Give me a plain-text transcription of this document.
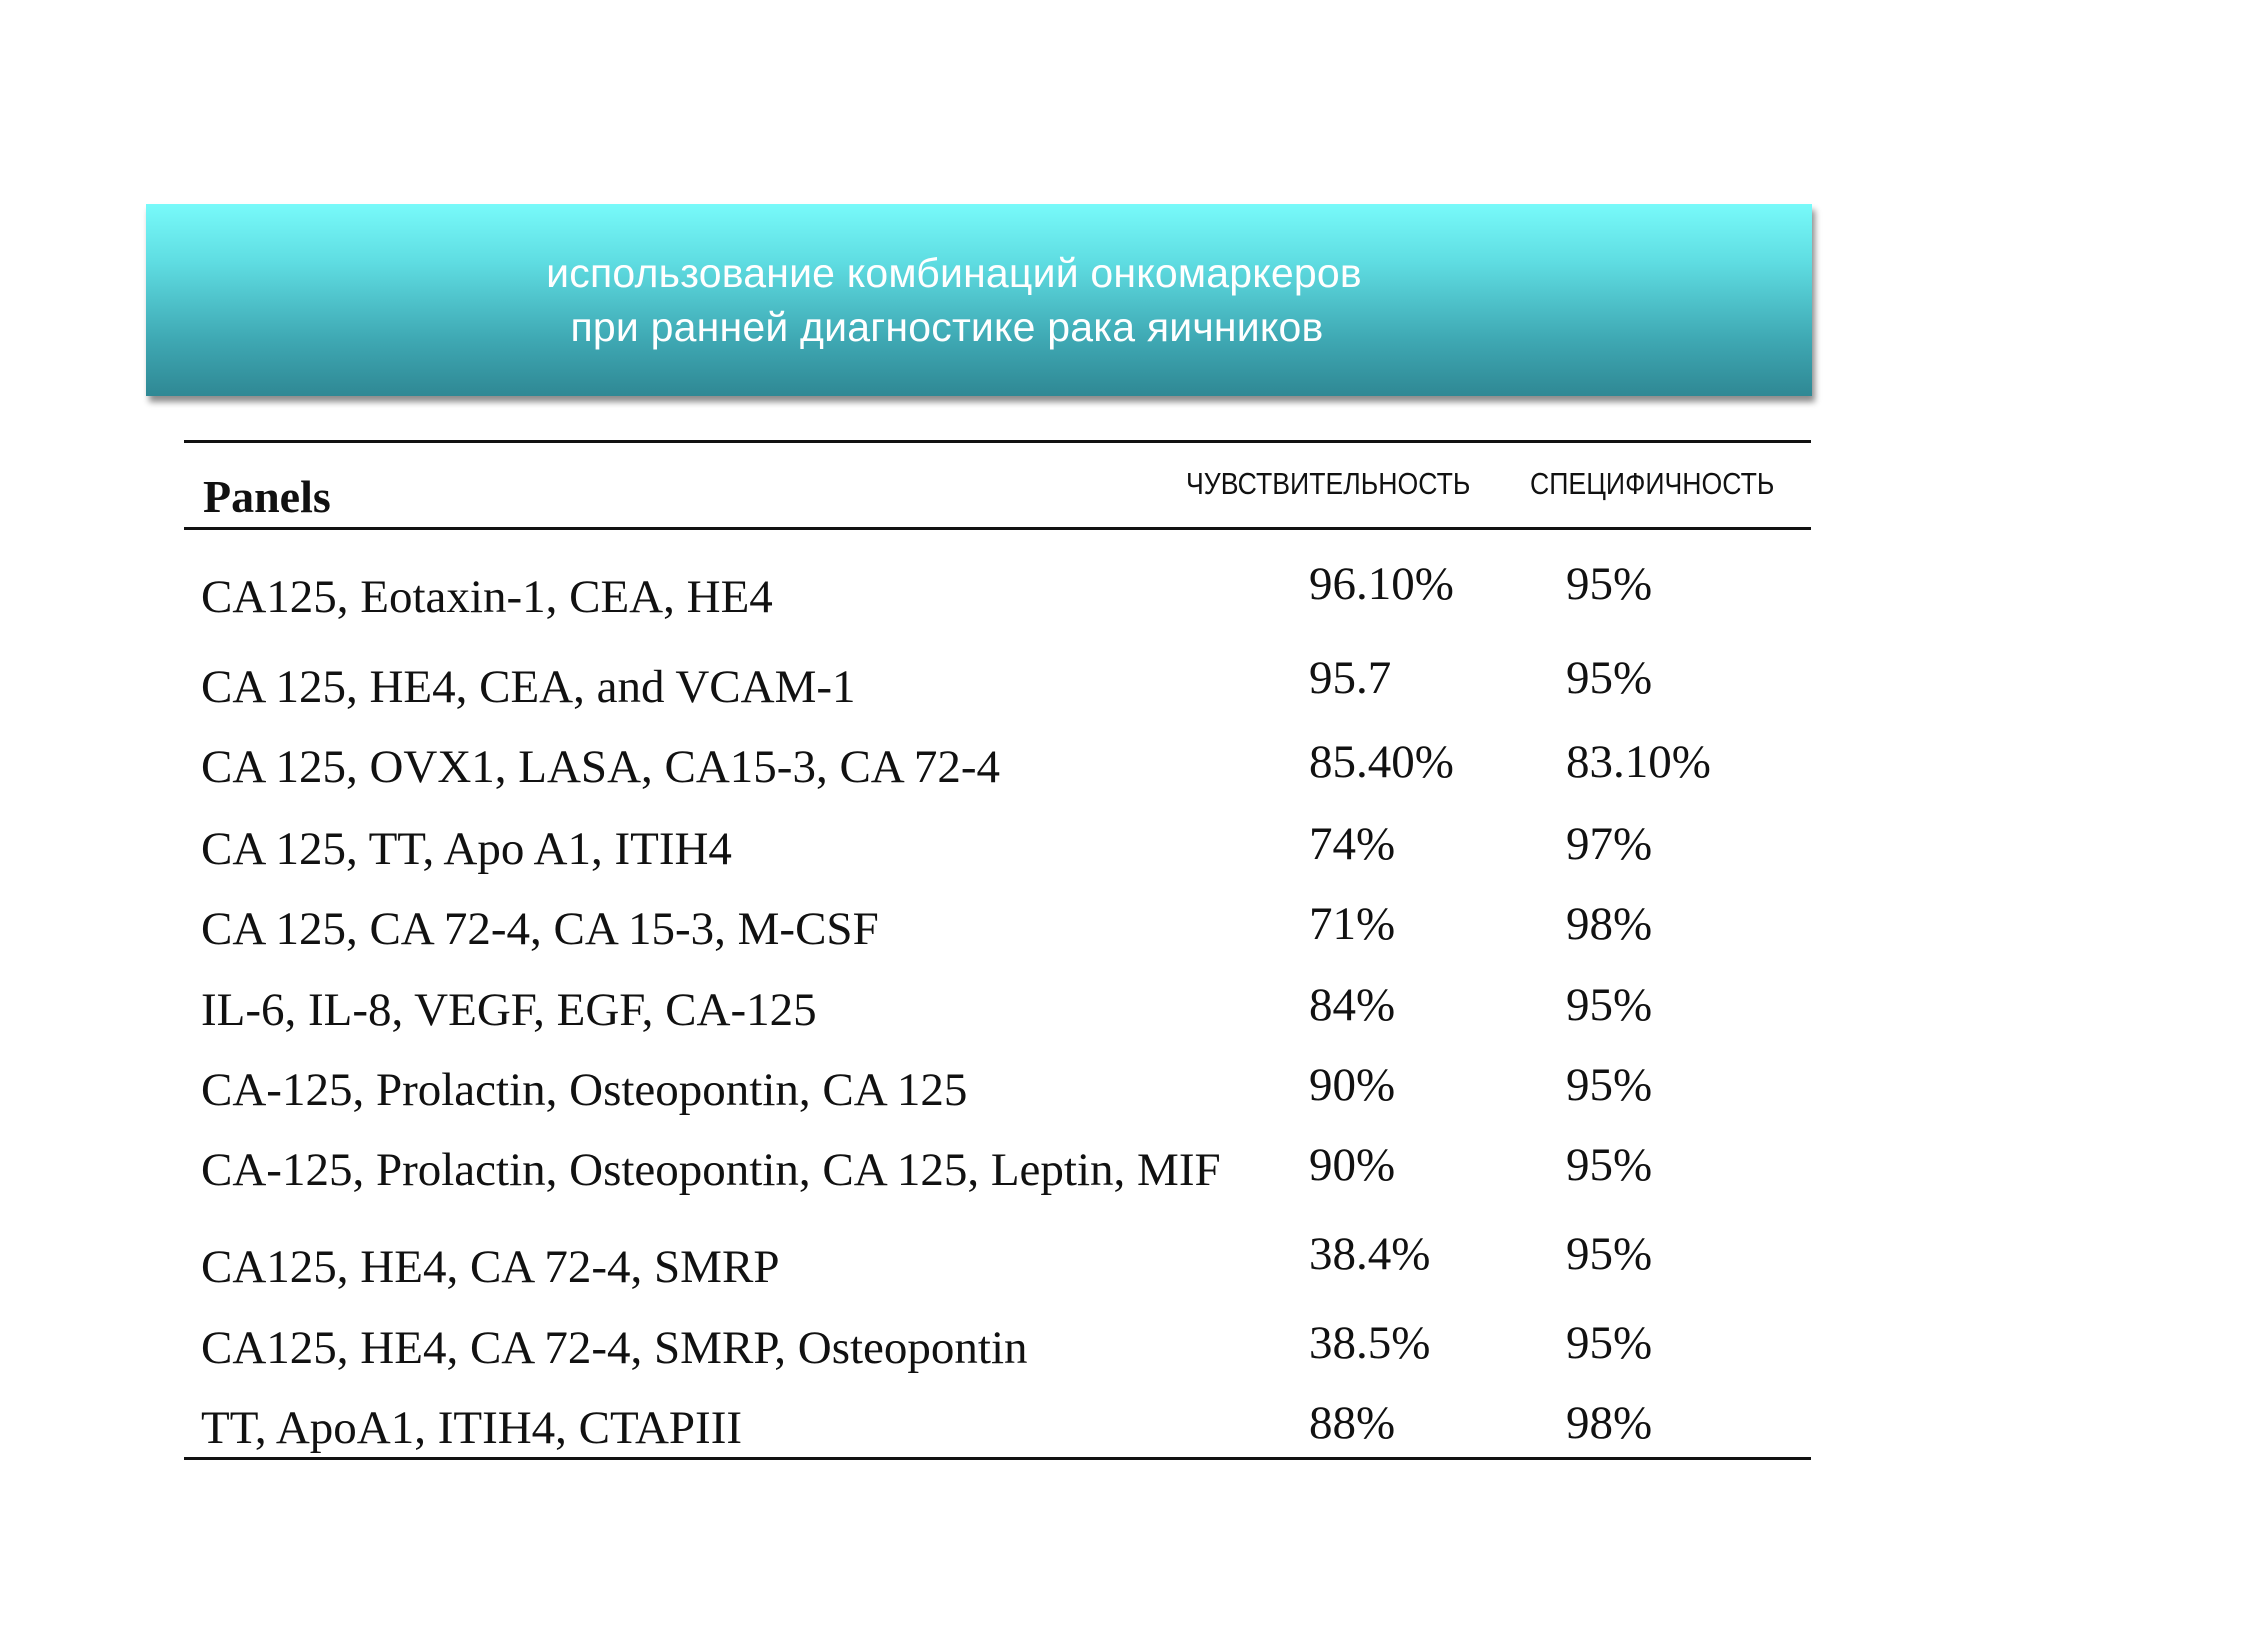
использование комбинаций онкомаркеров
при ранней диагностике рака яичников
Panels	ЧУВСТВИТЕЛЬНОСТЬ СПЕЦИФИЧНОСТЬ
CA125, Eotaxin-1, CEA, HE4	96.10% 95%
CA 125, HE4, CEA, and VCAM-1	95.7	95%
CA 125, OVX1, LASA, CA15-3, CA 72-4	85.40% 83.10%
CA 125, TT, Apo A1, ITIH4	74%	97%
CA 125, CA 72-4, CA 15-3, M-CSF	71%	98%
IL-6, IL-8, VEGF, EGF, CA-125	84%	95%
CA-125, Prolactin, Osteopontin, CA 125	90%	95%
CA-125, Prolactin, Osteopontin, CA 125, Leptin, MIF 90%	95%
CA125, HE4, CA 72-4, SMRP	38.4%	95%
CA125, HE4, CA 72-4, SMRP, Osteopontin	38.5%	95%
TT, ApoA1, ITIH4, CTAPIII	88%	98%
